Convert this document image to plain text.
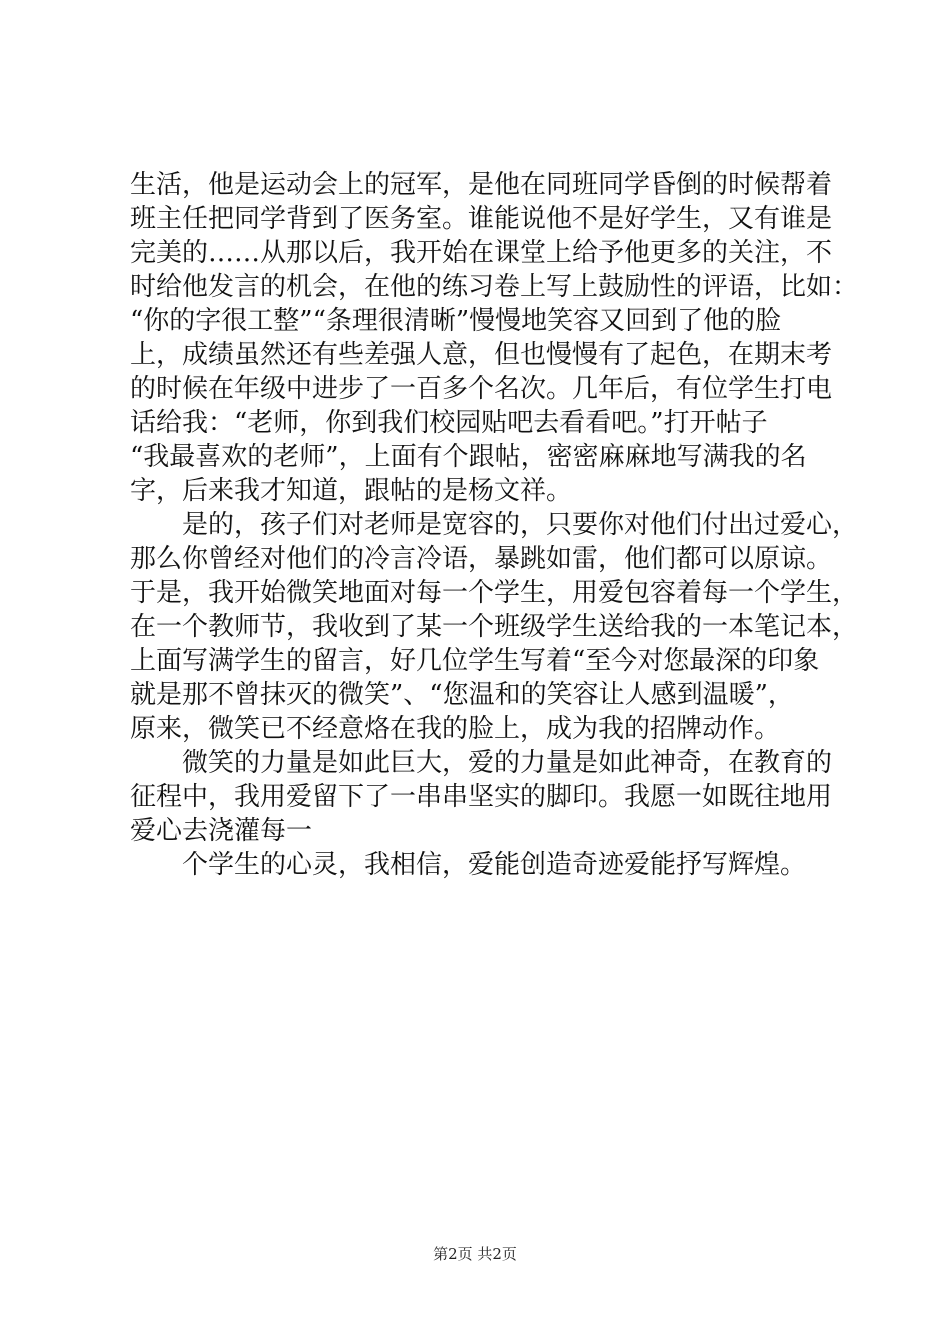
生活，他是运动会上的冠军，是他在同班同学昏倒的时候帮着
班主任把同学背到了医务室。谁能说他不是好学生，又有谁是
完美的……从那以后，我开始在课堂上给予他更多的关注，不
时给他发言的机会，在他的练习卷上写上鼓励性的评语，比如：
“你的字很工整”“条理很清晰”慢慢地笑容又回到了他的脸
上，成绩虽然还有些差强人意，但也慢慢有了起色，在期末考
的时候在年级中进步了一百多个名次。几年后，有位学生打电
话给我：“老师，你到我们校园贴吧去看看吧。”打开帖子
“我最喜欢的老师”，上面有个跟帖，密密麻麻地写满我的名
字，后来我才知道，跟帖的是杨文祥。
　　是的，孩子们对老师是宽容的，只要你对他们付出过爱心，
那么你曾经对他们的冷言冷语，暴跳如雷，他们都可以原谅。
于是，我开始微笑地面对每一个学生，用爱包容着每一个学生，
在一个教师节，我收到了某一个班级学生送给我的一本笔记本，
上面写满学生的留言，好几位学生写着“至今对您最深的印象
就是那不曾抹灭的微笑”、“您温和的笑容让人感到温暖”，
原来，微笑已不经意烙在我的脸上，成为我的招牌动作。
　　微笑的力量是如此巨大，爱的力量是如此神奇，在教育的
征程中，我用爱留下了一串串坚实的脚印。我愿一如既往地用
爱心去浇灌每一
　　个学生的心灵，我相信，爱能创造奇迹爱能抒写辉煌。
第2页 共2页
